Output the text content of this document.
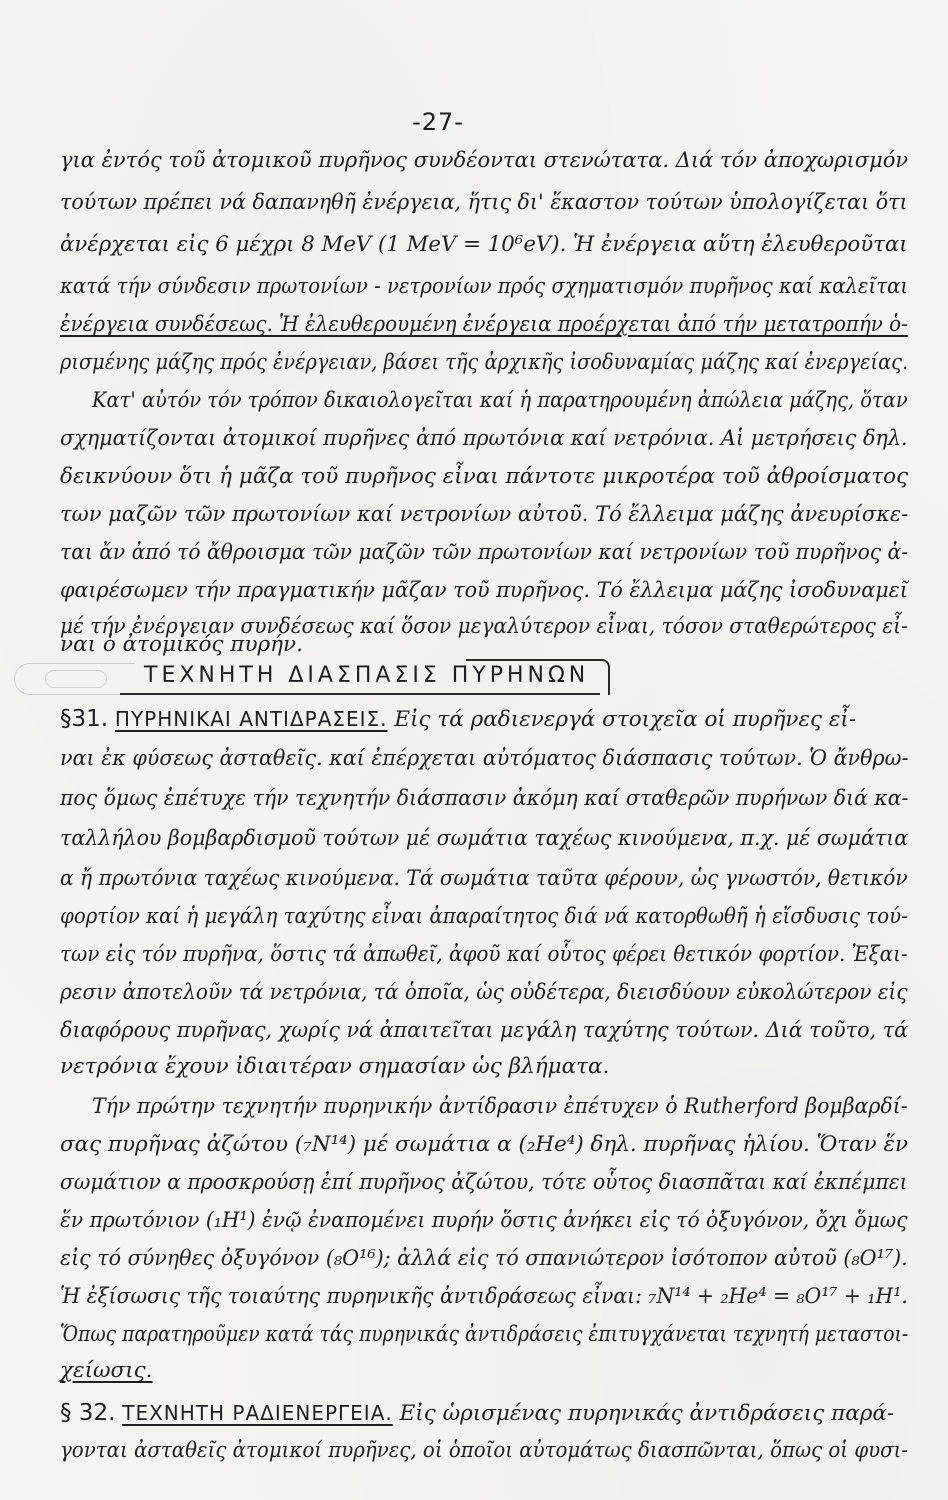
-27-
για ἐντός τοῦ ἀτομικοῦ πυρῆνος συνδέονται στενώτατα. Διά τόν ἀποχωρισμόν
τούτων πρέπει νά δαπανηθῆ ἐνέργεια, ἥτις δι' ἕκαστον τούτων ὑπολογίζεται ὅτι
ἀνέρχεται εἰς 6 μέχρι 8 MeV (1 MeV = 10⁶eV). Ἡ ἐνέργεια αὕτη ἐλευθεροῦται
κατά τήν σύνδεσιν πρωτονίων - νετρονίων πρός σχηματισμόν πυρῆνος καί καλεῖται
ἐνέργεια συνδέσεως. Ἡ ἐλευθερουμένη ἐνέργεια προέρχεται ἀπό τήν μετατροπήν ὁ-
ρισμένης μάζης πρός ἐνέργειαν, βάσει τῆς ἀρχικῆς ἰσοδυναμίας μάζης καί ἐνεργείας.
Κατ' αὐτόν τόν τρόπον δικαιολογεῖται καί ἡ παρατηρουμένη ἀπώλεια μάζης, ὅταν
σχηματίζονται ἀτομικοί πυρῆνες ἀπό πρωτόνια καί νετρόνια. Αἱ μετρήσεις δηλ.
δεικνύουν ὅτι ἡ μᾶζα τοῦ πυρῆνος εἶναι πάντοτε μικροτέρα τοῦ ἀθροίσματος
των μαζῶν τῶν πρωτονίων καί νετρονίων αὐτοῦ. Τό ἔλλειμα μάζης ἀνευρίσκε-
ται ἄν ἀπό τό ἄθροισμα τῶν μαζῶν τῶν πρωτονίων καί νετρονίων τοῦ πυρῆνος ἀ-
φαιρέσωμεν τήν πραγματικήν μᾶζαν τοῦ πυρῆνος. Τό ἔλλειμα μάζης ἰσοδυναμεῖ
μέ τήν ἐνέργειαν συνδέσεως καί ὅσον μεγαλύτερον εἶναι, τόσον σταθερώτερος εἶ-
ναι ὁ ἀτομικός πυρήν.
ΤΕΧΝΗΤΗ ΔΙΑΣΠΑΣΙΣ ΠΥΡΗΝΩΝ
§31. ΠΥΡΗΝΙΚΑΙ ΑΝΤΙΔΡΑΣΕΙΣ. Εἰς τά ραδιενεργά στοιχεῖα οἱ πυρῆνες εἶ-
ναι ἐκ φύσεως ἀσταθεῖς. καί ἐπέρχεται αὐτόματος διάσπασις τούτων. Ὁ ἄνθρω-
πος ὅμως ἐπέτυχε τήν τεχνητήν διάσπασιν ἀκόμη καί σταθερῶν πυρήνων διά κα-
ταλλήλου βομβαρδισμοῦ τούτων μέ σωμάτια ταχέως κινούμενα, π.χ. μέ σωμάτια
α ἤ πρωτόνια ταχέως κινούμενα. Τά σωμάτια ταῦτα φέρουν, ὡς γνωστόν, θετικόν
φορτίον καί ἡ μεγάλη ταχύτης εἶναι ἀπαραίτητος διά νά κατορθωθῆ ἡ εἴσδυσις τού-
των εἰς τόν πυρῆνα, ὅστις τά ἀπωθεῖ, ἀφοῦ καί οὗτος φέρει θετικόν φορτίον. Ἐξαι-
ρεσιν ἀποτελοῦν τά νετρόνια, τά ὁποῖα, ὡς οὐδέτερα, διεισδύουν εὐκολώτερον εἰς
διαφόρους πυρῆνας, χωρίς νά ἀπαιτεῖται μεγάλη ταχύτης τούτων. Διά τοῦτο, τά
νετρόνια ἔχουν ἰδιαιτέραν σημασίαν ὡς βλήματα.
Τήν πρώτην τεχνητήν πυρηνικήν ἀντίδρασιν ἐπέτυχεν ὁ Rutherford βομβαρδί-
σας πυρῆνας ἀζώτου (₇N¹⁴) μέ σωμάτια α (₂He⁴) δηλ. πυρῆνας ἡλίου. Ὅταν ἕν
σωμάτιον α προσκρούσῃ ἐπί πυρῆνος ἀζώτου, τότε οὗτος διασπᾶται καί ἐκπέμπει
ἕν πρωτόνιον (₁H¹) ἐνῷ ἐναπομένει πυρήν ὅστις ἀνήκει εἰς τό ὀξυγόνον, ὄχι ὅμως
εἰς τό σύνηθες ὀξυγόνον (₈O¹⁶); ἀλλά εἰς τό σπανιώτερον ἰσότοπον αὐτοῦ (₈O¹⁷).
Ἡ ἐξίσωσις τῆς τοιαύτης πυρηνικῆς ἀντιδράσεως εἶναι: ₇N¹⁴ + ₂He⁴ = ₈O¹⁷ + ₁H¹.
Ὅπως παρατηροῦμεν κατά τάς πυρηνικάς ἀντιδράσεις ἐπιτυγχάνεται τεχνητή μεταστοι-
χείωσις.
§ 32. ΤΕΧΝΗΤΗ ΡΑΔΙΕΝΕΡΓΕΙΑ. Εἰς ὡρισμένας πυρηνικάς ἀντιδράσεις παρά-
γονται ἀσταθεῖς ἀτομικοί πυρῆνες, οἱ ὁποῖοι αὐτομάτως διασπῶνται, ὅπως οἱ φυσι-
